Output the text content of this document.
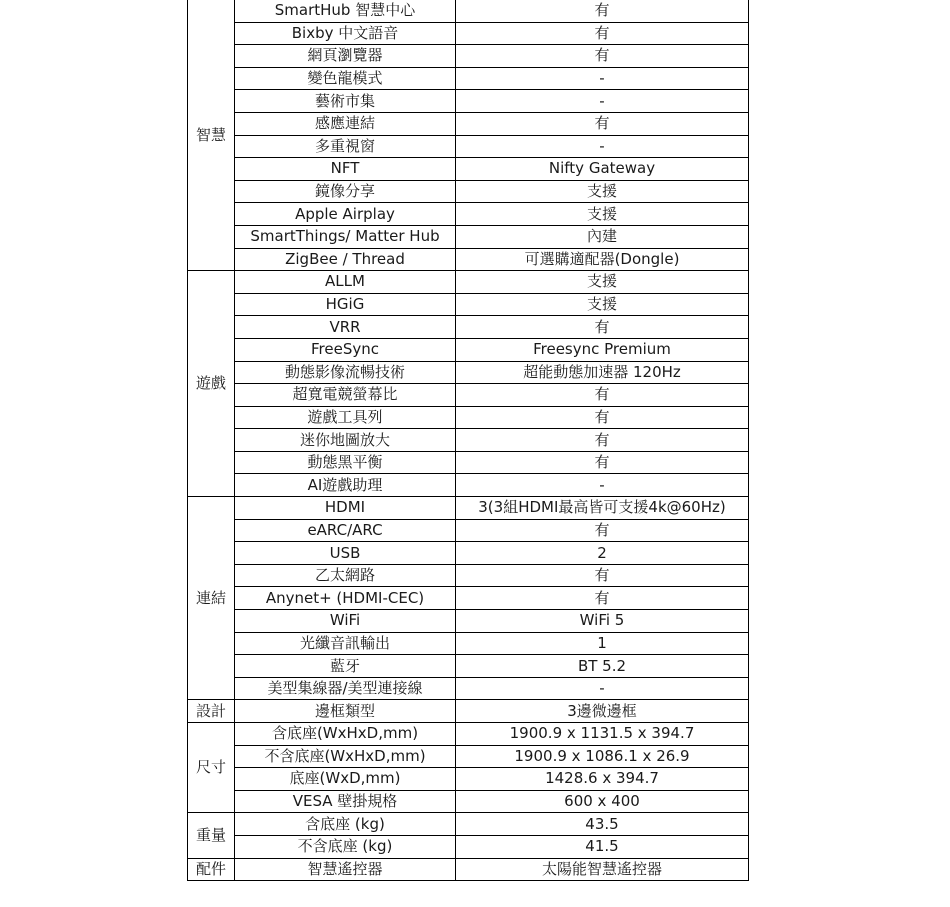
智慧	SmartHub 智慧中心	有
	Bixby 中文語音	有
	網頁瀏覽器	有
	變色龍模式	-
	藝術市集	-
	感應連結	有
	多重視窗	-
	NFT	Nifty Gateway
	鏡像分享	支援
	Apple Airplay	支援
	SmartThings/ Matter Hub	內建
	ZigBee / Thread	可選購適配器(Dongle)
遊戲	ALLM	支援
	HGiG	支援
	VRR	有
	FreeSync	Freesync Premium
	動態影像流暢技術	超能動態加速器 120Hz
	超寬電競螢幕比	有
	遊戲工具列	有
	迷你地圖放大	有
	動態黑平衡	有
	AI遊戲助理	-
連結	HDMI	3(3組HDMI最高皆可支援4k@60Hz)
	eARC/ARC	有
	USB	2
	乙太網路	有
	Anynet+ (HDMI-CEC)	有
	WiFi	WiFi 5
	光纖音訊輸出	1
	藍牙	BT 5.2
	美型集線器/美型連接線	-
設計	邊框類型	3邊微邊框
尺寸	含底座(WxHxD,mm)	1900.9 x 1131.5 x 394.7
	不含底座(WxHxD,mm)	1900.9 x 1086.1 x 26.9
	底座(WxD,mm)	1428.6 x 394.7
	VESA 壁掛規格	600 x 400
重量	含底座 (kg)	43.5
	不含底座 (kg)	41.5
配件	智慧遙控器	太陽能智慧遙控器
